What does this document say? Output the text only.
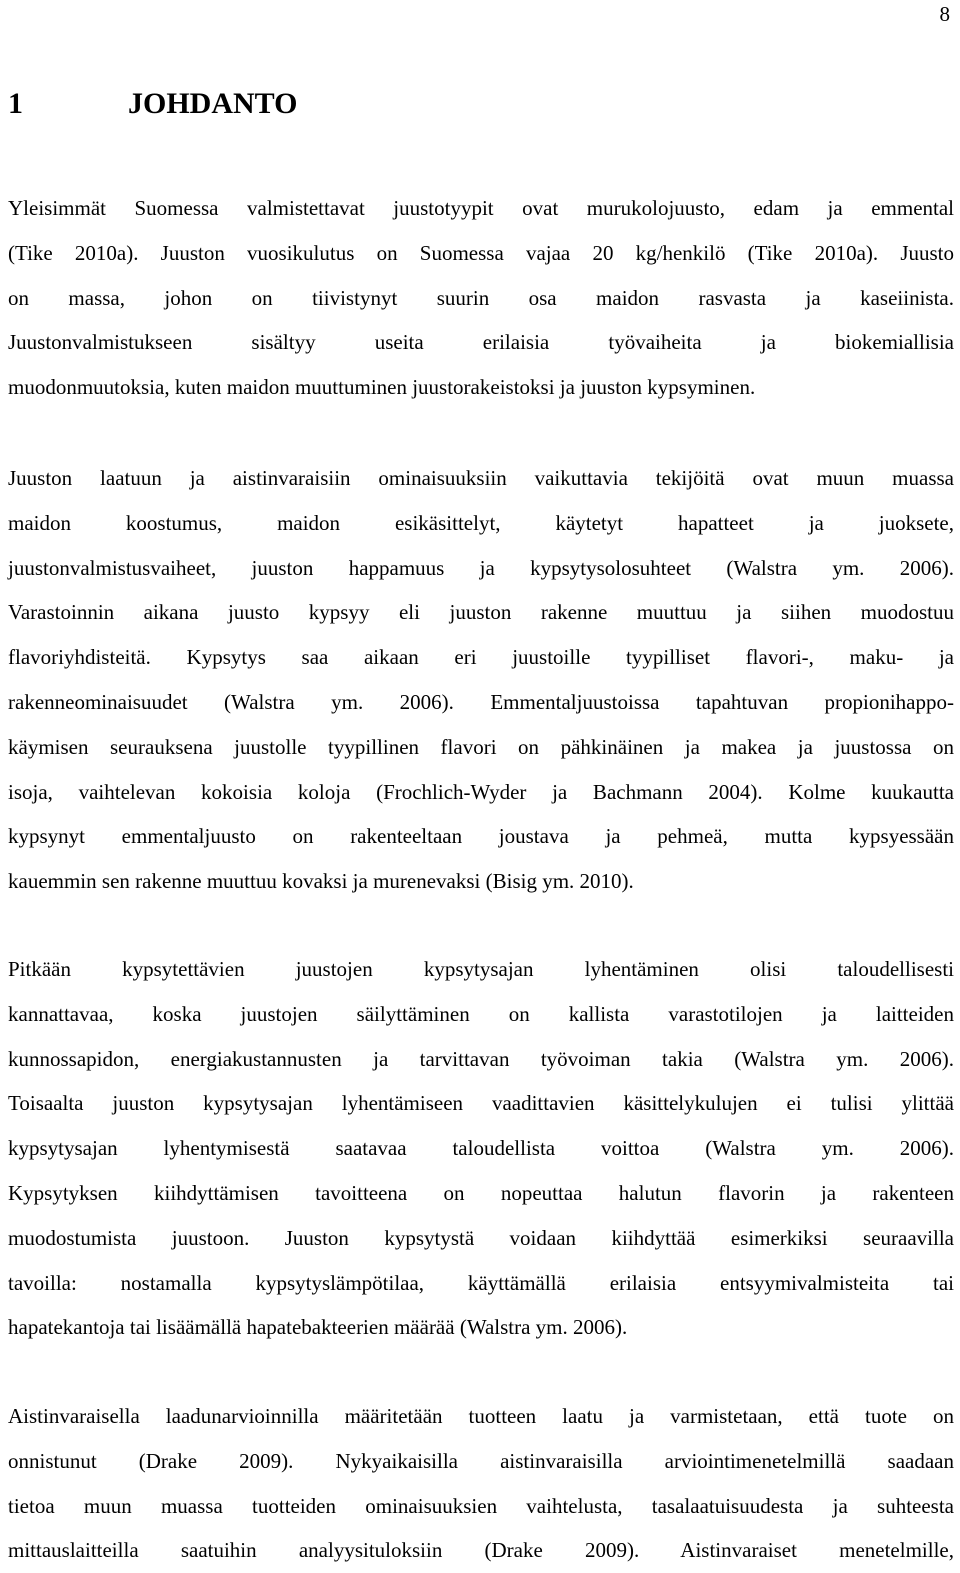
8
1	JOHDANTO
Yleisimmät Suomessa valmistettavat juustotyypit ovat murukolojuusto, edam ja emmental
(Tike 2010a). Juuston vuosikulutus on Suomessa vajaa 20 kg/henkilö (Tike 2010a). Juusto
on massa, johon on tiivistynyt suurin osa maidon rasvasta ja kaseiinista.
Juustonvalmistukseen sisältyy useita erilaisia työvaiheita ja biokemiallisia
muodonmuutoksia, kuten maidon muuttuminen juustorakeistoksi ja juuston kypsyminen.
Juuston laatuun ja aistinvaraisiin ominaisuuksiin vaikuttavia tekijöitä ovat muun muassa
maidon koostumus, maidon esikäsittelyt, käytetyt hapatteet ja juoksete,
juustonvalmistusvaiheet, juuston happamuus ja kypsytysolosuhteet (Walstra ym. 2006).
Varastoinnin aikana juusto kypsyy eli juuston rakenne muuttuu ja siihen muodostuu
flavoriyhdisteitä. Kypsytys saa aikaan eri juustoille tyypilliset flavori-, maku- ja
rakenneominaisuudet (Walstra ym. 2006). Emmentaljuustoissa tapahtuvan propionihappo-
käymisen seurauksena juustolle tyypillinen flavori on pähkinäinen ja makea ja juustossa on
isoja, vaihtelevan kokoisia koloja (Frochlich-Wyder ja Bachmann 2004). Kolme kuukautta
kypsynyt emmentaljuusto on rakenteeltaan joustava ja pehmeä, mutta kypsyessään
kauemmin sen rakenne muuttuu kovaksi ja murenevaksi (Bisig ym. 2010).
Pitkään kypsytettävien juustojen kypsytysajan lyhentäminen olisi taloudellisesti
kannattavaa, koska juustojen säilyttäminen on kallista varastotilojen ja laitteiden
kunnossapidon, energiakustannusten ja tarvittavan työvoiman takia (Walstra ym. 2006).
Toisaalta juuston kypsytysajan lyhentämiseen vaadittavien käsittelykulujen ei tulisi ylittää
kypsytysajan lyhentymisestä saatavaa taloudellista voittoa (Walstra ym. 2006).
Kypsytyksen kiihdyttämisen tavoitteena on nopeuttaa halutun flavorin ja rakenteen
muodostumista juustoon. Juuston kypsytystä voidaan kiihdyttää esimerkiksi seuraavilla
tavoilla: nostamalla kypsytyslämpötilaa, käyttämällä erilaisia entsyymivalmisteita tai
hapatekantoja tai lisäämällä hapatebakteerien määrää (Walstra ym. 2006).
Aistinvaraisella laadunarvioinnilla määritetään tuotteen laatu ja varmistetaan, että tuote on
onnistunut (Drake 2009). Nykyaikaisilla aistinvaraisilla arviointimenetelmillä saadaan
tietoa muun muassa tuotteiden ominaisuuksien vaihtelusta, tasalaatuisuudesta ja suhteesta
mittauslaitteilla saatuihin analyysituloksiin (Drake 2009). Aistinvaraiset menetelmille,
